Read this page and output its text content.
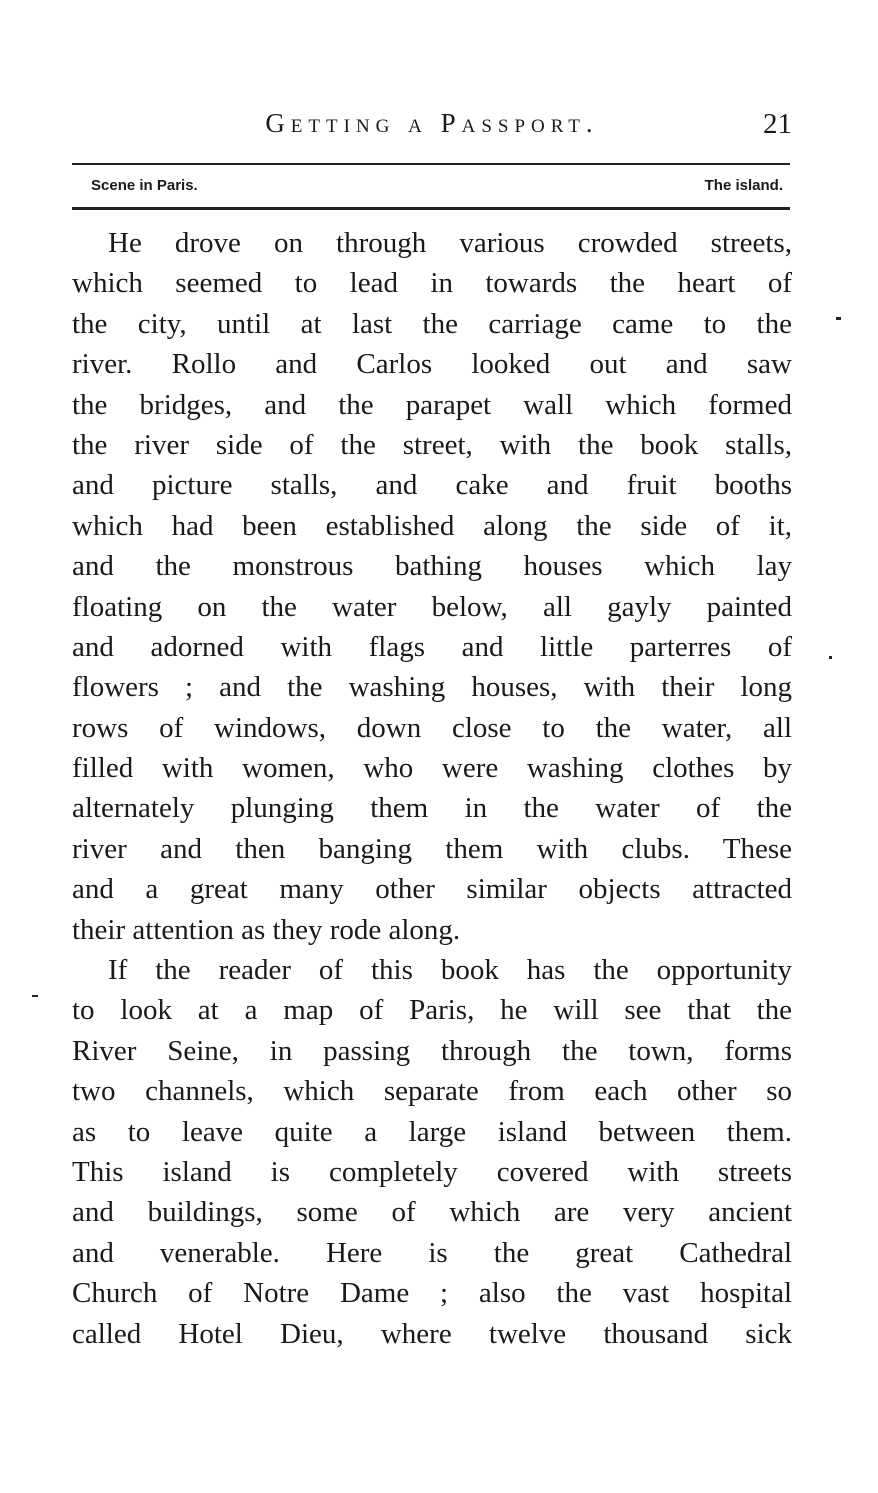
Getting a Passport.	21
Scene in Paris.	The island.
He drove on through various crowded streets,
which seemed to lead in towards the heart of
the city, until at last the carriage came to the
river. Rollo and Carlos looked out and saw
the bridges, and the parapet wall which formed
the river side of the street, with the book stalls,
and picture stalls, and cake and fruit booths
which had been established along the side of it,
and the monstrous bathing houses which lay
floating on the water below, all gayly painted
and adorned with flags and little parterres of
flowers ; and the washing houses, with their long
rows of windows, down close to the water, all
filled with women, who were washing clothes by
alternately plunging them in the water of the
river and then banging them with clubs. These
and a great many other similar objects attracted
their attention as they rode along.
If the reader of this book has the opportunity
to look at a map of Paris, he will see that the
River Seine, in passing through the town, forms
two channels, which separate from each other so
as to leave quite a large island between them.
This island is completely covered with streets
and buildings, some of which are very ancient
and venerable. Here is the great Cathedral
Church of Notre Dame ; also the vast hospital
called Hotel Dieu, where twelve thousand sick
